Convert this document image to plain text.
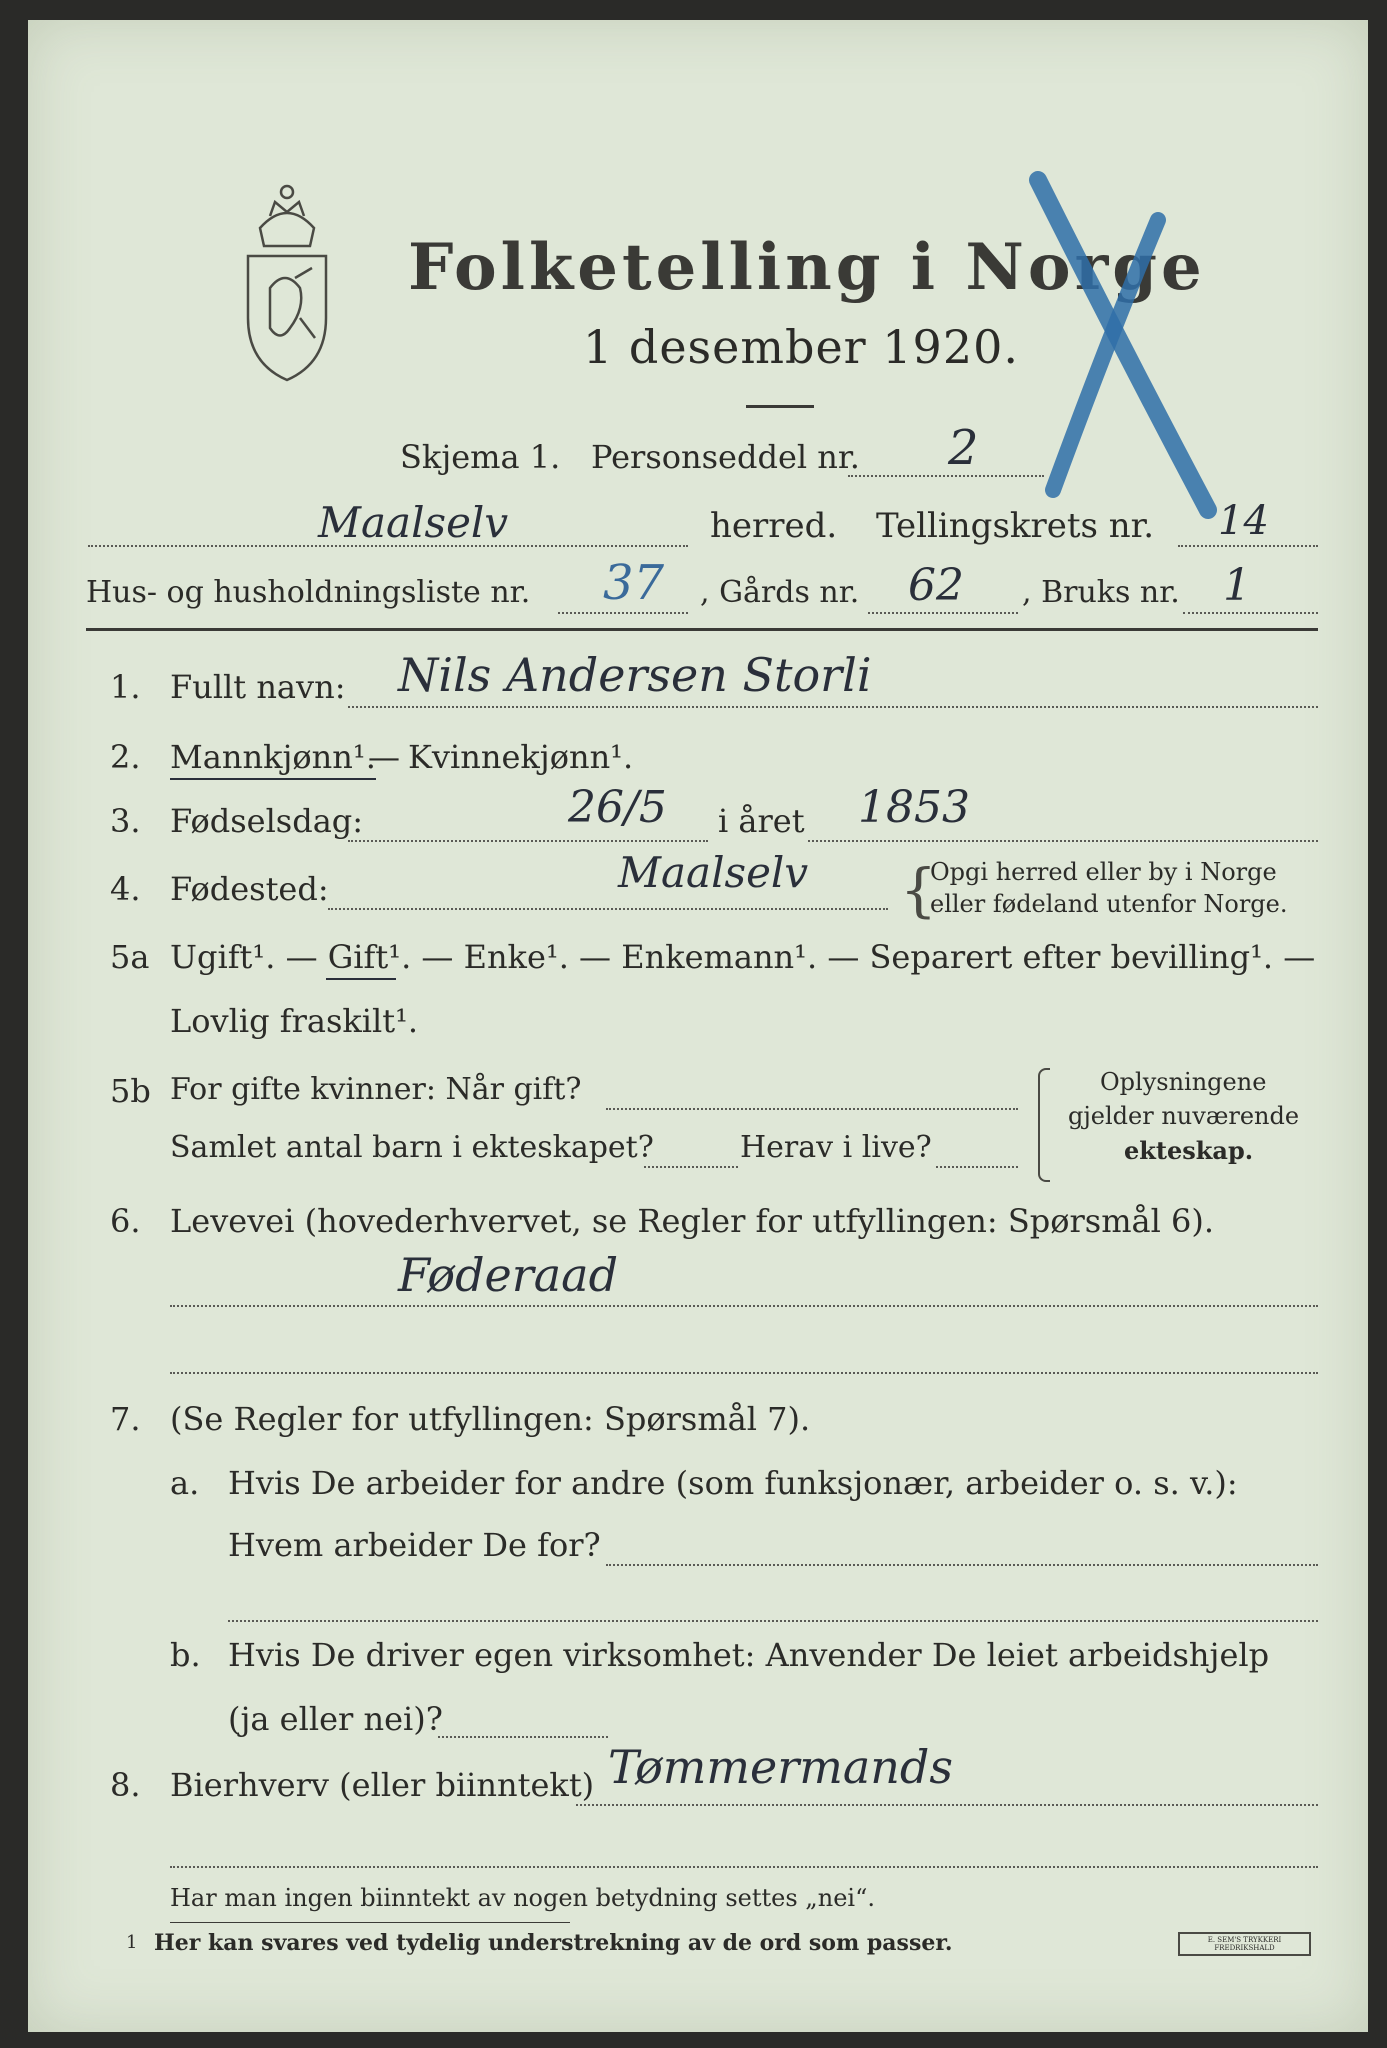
Folketelling i Norge
1 desember 1920.
Skjema 1. Personseddel nr. 2
Maalselv	herred. Tellingskrets nr. 14
Hus- og husholdningsliste nr. 37 , Gårds nr. 62 , Bruks nr. 1
1. Fullt navn: Nils Andersen Storli
2. Mannkjønn¹.
— Kvinnekjønn¹.
3. Fødselsdag:	26/5 i året 1853
4. Fødested:	Maalselv {
Opgi herred eller by i Norge
eller fødeland utenfor Norge.
5a Ugift¹. — Gift¹. — Enke¹. — Enkemann¹. — Separert efter bevilling¹. —
Lovlig fraskilt¹.
5b For gifte kvinner: Når gift?
Samlet antal barn i ekteskapet?	Herav i live?
Oplysningene
gjelder nuværende
ekteskap.
6. Levevei (hovederhvervet, se Regler for utfyllingen: Spørsmål 6).
Føderaad
7. (Se Regler for utfyllingen: Spørsmål 7).
a. Hvis De arbeider for andre (som funksjonær, arbeider o. s. v.):
Hvem arbeider De for?
b. Hvis De driver egen virksomhet: Anvender De leiet arbeidshjelp
(ja eller nei)?
8. Bierhverv (eller biinntekt) Tømmermands
Har man ingen biinntekt av nogen betydning settes „nei“.
1 Her kan svares ved tydelig understrekning av de ord som passer.	E. SEM'S TRYKKERI FREDRIKSHALD
